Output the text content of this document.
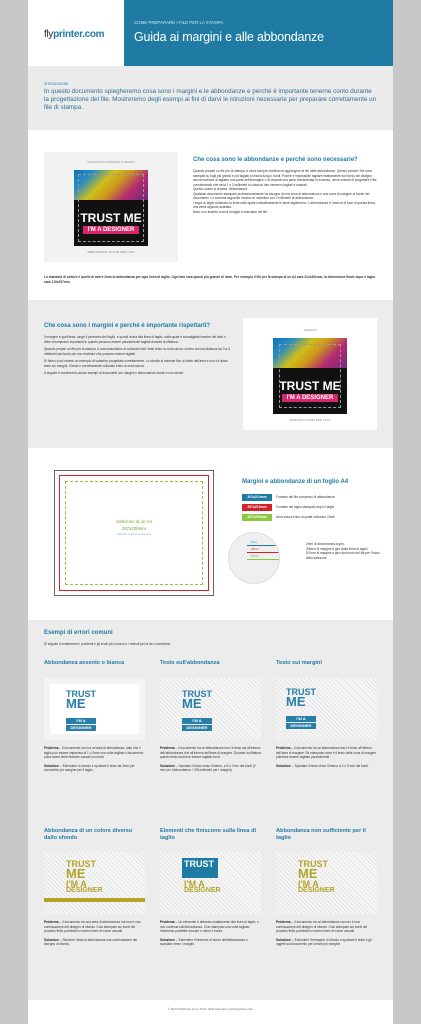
flyprinter.com
COME PREPARARE I FILE PER LA STAMPA
Guida ai margini e alle abbondanze
INTRODUZIONE
In questo documento spiegheremo cosa sono i margini e le abbondanze e perché è importante tenerne conto durante la progettazione del file. Mostreremo degli esempi ai fini di darvi le istruzioni necessarie per preparare correttamente un file di stampa.
VOLANTINO DURANTE IL TAGLIO
TRUST ME
I'M A DESIGNER
ABBONDANZA DI 2MM PER LATO
Che cosa sono le abbondanze e perché sono necessarie?
Quando prepari un file per la stampa, ti verrà sempre richiesto di aggiungere al file delle abbondanze. Questo perché i file sono stampati su fogli più grandi e poi tagliati a misura lungo i bordi. Poiché è impossibile tagliare esattamente sul bordo del disegno senza rischiare di tagliare una parte dell'immagine o di lasciare una parte indesiderata in eccesso, viene chiesto di progettare il file considerando che circa 2 o 3 millimetri su ciascun lato verranno tagliati e scartati.
Questo scarto si chiama "abbondanza".
Qualsiasi documento stampato professionalmente ha bisogno di una zona di abbondanza e una zona di margine al bordo del documento. Lo schema seguente mostra un volantino con 2 millimetri di abbondanza.
I segni di taglio mostrano la linea sulla quale indicativamente le lame taglieranno. L'abbondanza è l'area al di fuori di questa linea, che verrà appunto scartata.
Nota: non inserire crocini di taglio e marcatori nel file.
Lo standard di settore è quello di avere 2mm di abbondanza per ogni linea di taglio. Ogni lato sarà quindi più grande di 4mm. Per esempio il file per la stampa di un A4 sarà 214x301mm, la dimensione finale dopo il taglio sarà 210x297mm.
Che cosa sono i margini e perché è importante rispettarli?
Il margine è quell'area, lungo il perimetro del foglio, e quindi vicina alla linea di taglio, sulla quale è sconsigliato inserire dei testi o delle informazioni importanti in quanto possono essere parzialmente tagliati durante la rifilatura.
Quando prepari un file per la stampa, ti raccomandiamo di collocare tutti i testi entro la zona sicura, ovvero ad una distanza da 3 a 5 millimetri dal bordo per non rischiare che possano essere tagliati.
Di fianco puoi vedere un esempio di volantino progettato correttamente. Lo sfondo si estende fino al limite dell'area e non c'è alcun testo sui margini. Il testo è correttamente collocato entro la zona sicura.
A seguire ti mostreremo alcuni esempi di documenti con margini e abbondanze idonei e non idonei.
MARGINI
TRUST ME
I'M A DESIGNER
MARGINE DI 5MM PER LATO
Safezone di un A4
287x200mm
collocare i testi in questa area
Margini e abbondanze di un foglio A4
301x214mm	Formato del file compreso di abbondanza
297x210mm	Formato del foglio stampato dopo il taglio
287x200mm	Area sicura entro la quale collocare i testi
2mm
3/5mm
5/7mm
2mm di abbondanza a giro.
3/5mm di margine a giro dalla linea di taglio.
5/7mm di margine a giro dal bordo del file per l'inizio della safezone.
Esempi di errori comuni
Di seguito ti mostreremo i problemi e gli errori più comuni e i metodi per la loro correzione.
Abbondanza assente o bianca
TRUST
ME
I'M A
DESIGNER
Problema – Il documento non ha un'area di abbondanza, dato che il taglio può essere impreciso di 1 o 2mm una volta tagliato il documento potrà avere linee bianche casuali sui bordi.
Soluzione – Estendere lo sfondo e spostare il testo da 3mm per consentire più margine per il taglio.
Testo sull'abbondanza
TRUST
ME
I'M A
DESIGNER
Problema – Il documento ha un'abbondanza ma c'è testo sia all'interno dell'abbondanza che all'interno dell'area di margine. Durante la rifilatura questo testo rischia di essere tagliato fuori.
Soluzione – Spostare il testo verso l'interno, a 5 o 7mm dai bordi (2 mm per l'abbondanza + 3/5 millimetri per i margini).
Testo sui margini
TRUST
ME
I'M A
DESIGNER
Problema – Il documento ha un'abbondanza ma c'è testo all'interno dell'area di margine. Se stampata come è il testo nella zona di margine potrebbe essere tagliato parzialmente.
Soluzione – Spostare il testo verso l'interno a 3 o 5 mm dai bordi.
Abbondanza di un colore diverso dallo sfondo
TRUST
ME
I'M A
DESIGNER
Problema – Il documento ha una area di abbondanza ma non è una continuazione del disegno di sfondo. Così stampato sui bordi del prodotto finito potrebbero esserci linee di colore casuali.
Soluzione – Rendere l'area di abbondanza una continuazione del disegno di sfondo.
Elementi che finiscono sulla linea di taglio
TRUST
I'M A
DESIGNER
Problema – Un elemento è allineato esattamente alla linea di taglio, e non continua sull'abbondanza. Così stampato una volta tagliato l'elemento potrebbe toccare o meno il bordo.
Soluzione – Estendere l'elemento al bordo dell'abbondanza o spostarlo entro i margini.
Abbondanza non sufficiente per il taglio
TRUST
ME
I'M A
DESIGNER
Problema – Il documento ha un'abbondanza ma non è una continuazione del disegno di sfondo. Così stampato sui bordi del prodotto finito potrebbero esserci linee di colore casuali.
Soluzione – Estendere l'immagine di sfondo o spostare il testo e gli oggetti sul documento per creare più margine.
© 2014 FlyPrinter.com | Tutti i diritti riservati | www.flyprinter.com
